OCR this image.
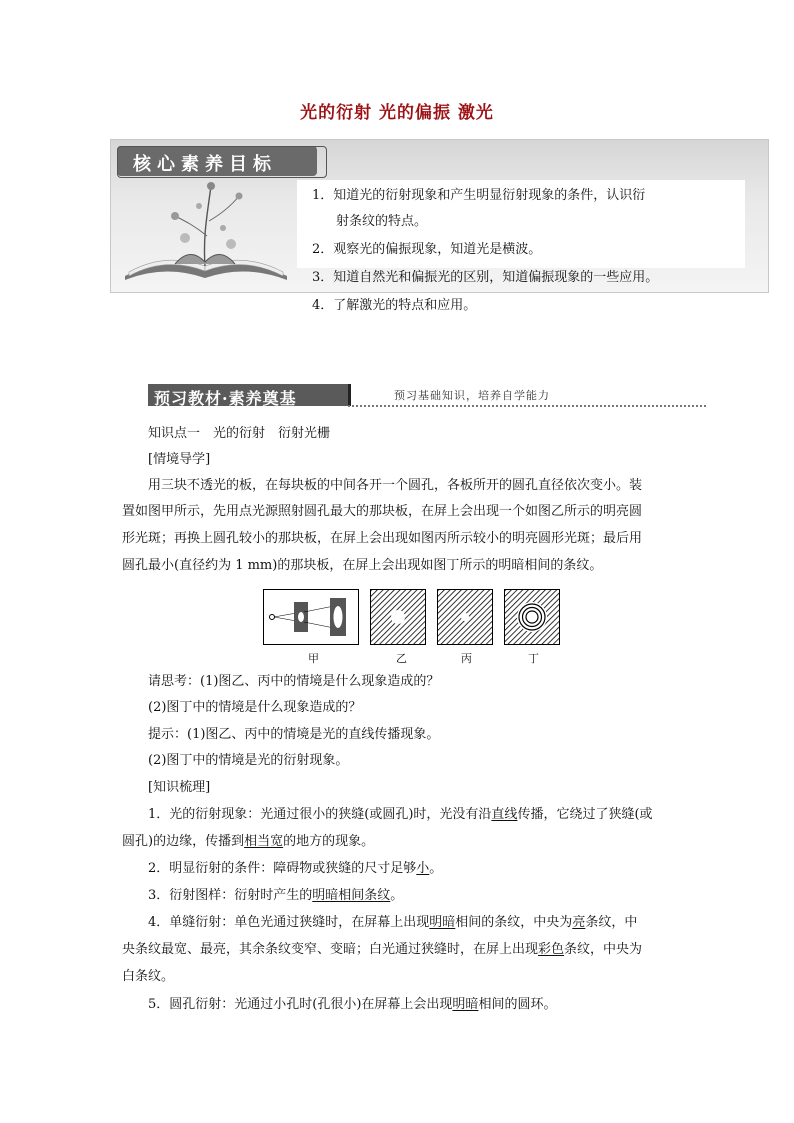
光的衍射 光的偏振 激光
核心素养目标
1．知道光的衍射现象和产生明显衍射现象的条件，认识衍
射条纹的特点。
2．观察光的偏振现象，知道光是横波。
3．知道自然光和偏振光的区别，知道偏振现象的一些应用。
4．了解激光的特点和应用。
预习教材·素养奠基	预习基础知识，培养自学能力
知识点一　光的衍射　衍射光栅
[情境导学]
用三块不透光的板，在每块板的中间各开一个圆孔，各板所开的圆孔直径依次变小。装
置如图甲所示，先用点光源照射圆孔最大的那块板，在屏上会出现一个如图乙所示的明亮圆
形光斑；再换上圆孔较小的那块板，在屏上会出现如图丙所示较小的明亮圆形光斑；最后用
圆孔最小(直径约为 1 mm)的那块板，在屏上会出现如图丁所示的明暗相间的条纹。
甲	乙	丙	丁
请思考：(1)图乙、丙中的情境是什么现象造成的？
(2)图丁中的情境是什么现象造成的？
提示：(1)图乙、丙中的情境是光的直线传播现象。
(2)图丁中的情境是光的衍射现象。
[知识梳理]
1．光的衍射现象：光通过很小的狭缝(或圆孔)时，光没有沿直线传播，它绕过了狭缝(或
圆孔)的边缘，传播到相当宽的地方的现象。
2．明显衍射的条件：障碍物或狭缝的尺寸足够小。
3．衍射图样：衍射时产生的明暗相间条纹。
4．单缝衍射：单色光通过狭缝时，在屏幕上出现明暗相间的条纹，中央为亮条纹，中
央条纹最宽、最亮，其余条纹变窄、变暗；白光通过狭缝时，在屏上出现彩色条纹，中央为
白条纹。
5．圆孔衍射：光通过小孔时(孔很小)在屏幕上会出现明暗相间的圆环。
